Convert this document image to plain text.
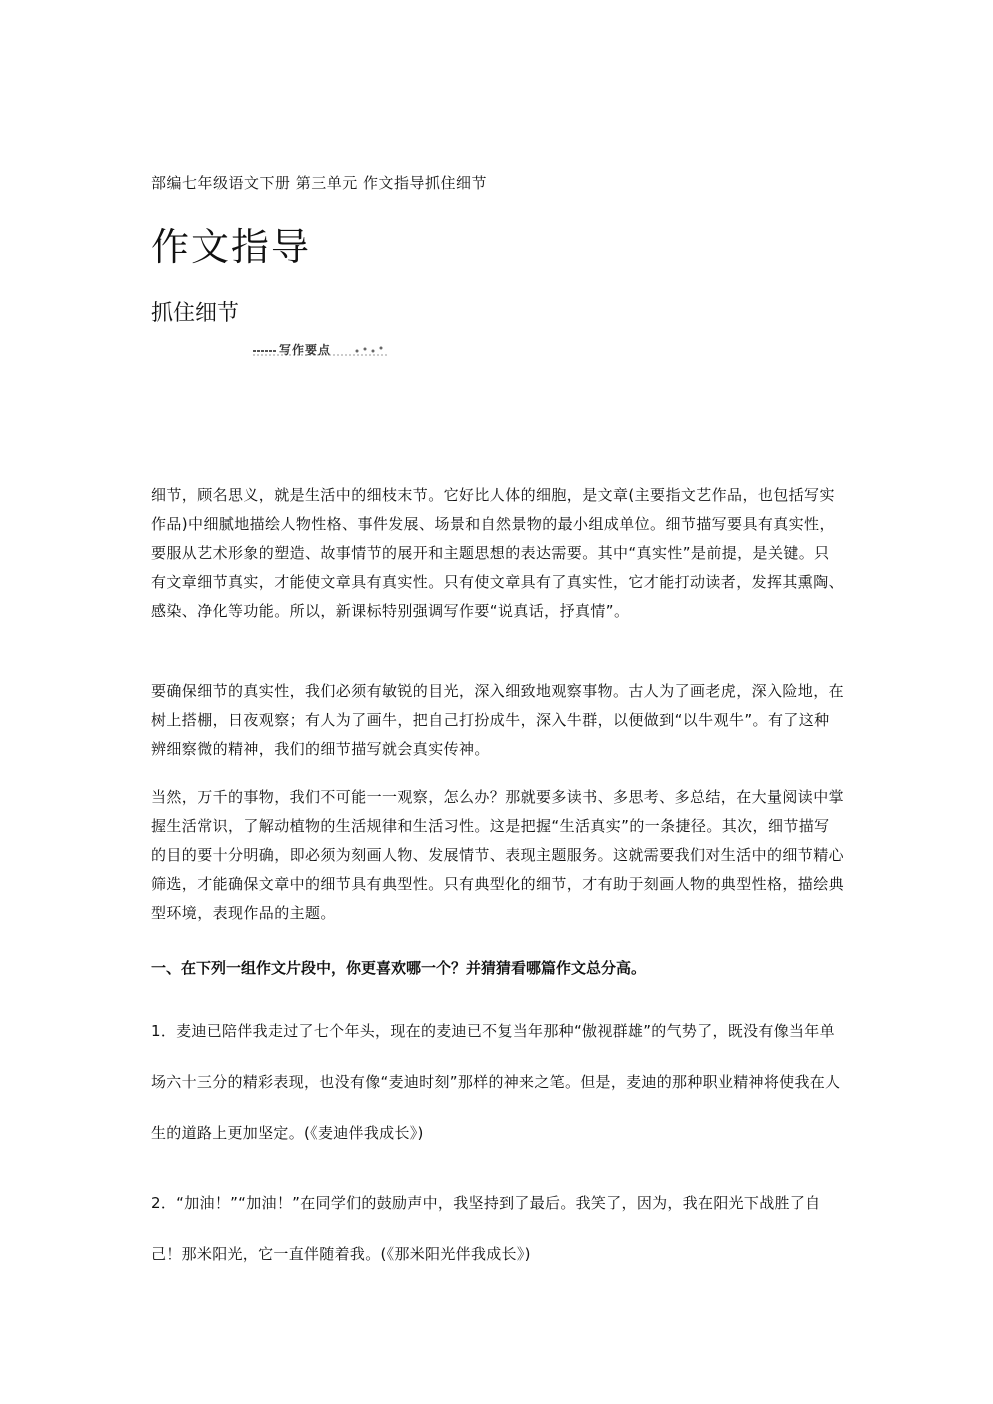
部编七年级语文下册 第三单元 作文指导抓住细节
作文指导
抓住细节
写作要点
细节，顾名思义，就是生活中的细枝末节。它好比人体的细胞，是文章(主要指文艺作品，也包括写实作品)中细腻地描绘人物性格、事件发展、场景和自然景物的最小组成单位。细节描写要具有真实性，要服从艺术形象的塑造、故事情节的展开和主题思想的表达需要。其中“真实性”是前提，是关键。只有文章细节真实，才能使文章具有真实性。只有使文章具有了真实性，它才能打动读者，发挥其熏陶、感染、净化等功能。所以，新课标特别强调写作要“说真话，抒真情”。
要确保细节的真实性，我们必须有敏锐的目光，深入细致地观察事物。古人为了画老虎，深入险地，在树上搭棚，日夜观察；有人为了画牛，把自己打扮成牛，深入牛群，以便做到“以牛观牛”。有了这种辨细察微的精神，我们的细节描写就会真实传神。
当然，万千的事物，我们不可能一一观察，怎么办？那就要多读书、多思考、多总结，在大量阅读中掌握生活常识，了解动植物的生活规律和生活习性。这是把握“生活真实”的一条捷径。其次，细节描写的目的要十分明确，即必须为刻画人物、发展情节、表现主题服务。这就需要我们对生活中的细节精心筛选，才能确保文章中的细节具有典型性。只有典型化的细节，才有助于刻画人物的典型性格，描绘典型环境，表现作品的主题。
一、在下列一组作文片段中，你更喜欢哪一个？并猜猜看哪篇作文总分高。
1．麦迪已陪伴我走过了七个年头，现在的麦迪已不复当年那种“傲视群雄”的气势了，既没有像当年单场六十三分的精彩表现，也没有像“麦迪时刻”那样的神来之笔。但是，麦迪的那种职业精神将使我在人生的道路上更加坚定。(《麦迪伴我成长》)
2．“加油！”“加油！”在同学们的鼓励声中，我坚持到了最后。我笑了，因为，我在阳光下战胜了自己！那米阳光，它一直伴随着我。(《那米阳光伴我成长》)
